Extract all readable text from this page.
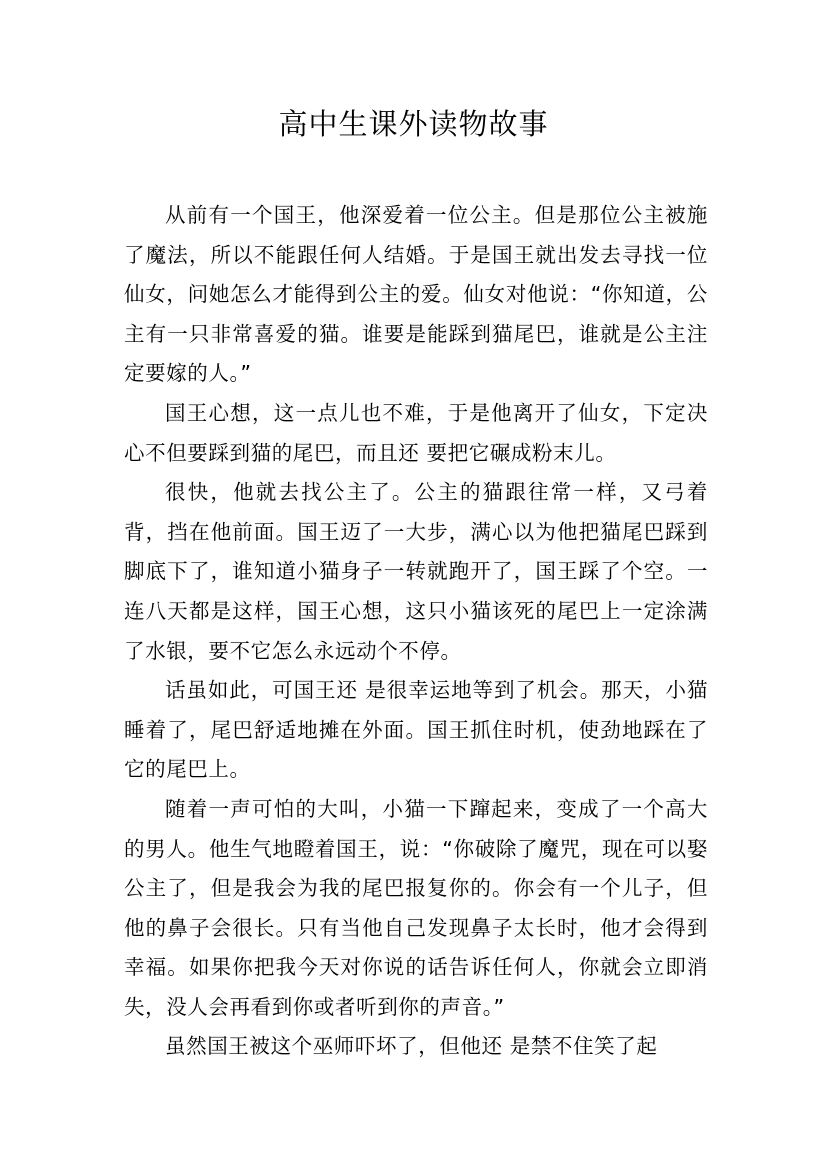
高中生课外读物故事

从前有一个国王，他深爱着一位公主。但是那位公主被施了魔法，所以不能跟任何人结婚。于是国王就出发去寻找一位仙女，问她怎么才能得到公主的爱。仙女对他说：“你知道，公主有一只非常喜爱的猫。谁要是能踩到猫尾巴，谁就是公主注定要嫁的人。”

国王心想，这一点儿也不难，于是他离开了仙女，下定决心不但要踩到猫的尾巴，而且还 要把它碾成粉末儿。

很快，他就去找公主了。公主的猫跟往常一样，又弓着背，挡在他前面。国王迈了一大步，满心以为他把猫尾巴踩到脚底下了，谁知道小猫身子一转就跑开了，国王踩了个空。一连八天都是这样，国王心想，这只小猫该死的尾巴上一定涂满了水银，要不它怎么永远动个不停。

话虽如此，可国王还 是很幸运地等到了机会。那天，小猫睡着了，尾巴舒适地摊在外面。国王抓住时机，使劲地踩在了它的尾巴上。

随着一声可怕的大叫，小猫一下蹿起来，变成了一个高大的男人。他生气地瞪着国王，说：“你破除了魔咒，现在可以娶公主了，但是我会为我的尾巴报复你的。你会有一个儿子，但他的鼻子会很长。只有当他自己发现鼻子太长时，他才会得到幸福。如果你把我今天对你说的话告诉任何人，你就会立即消失，没人会再看到你或者听到你的声音。”

虽然国王被这个巫师吓坏了，但他还 是禁不住笑了起
